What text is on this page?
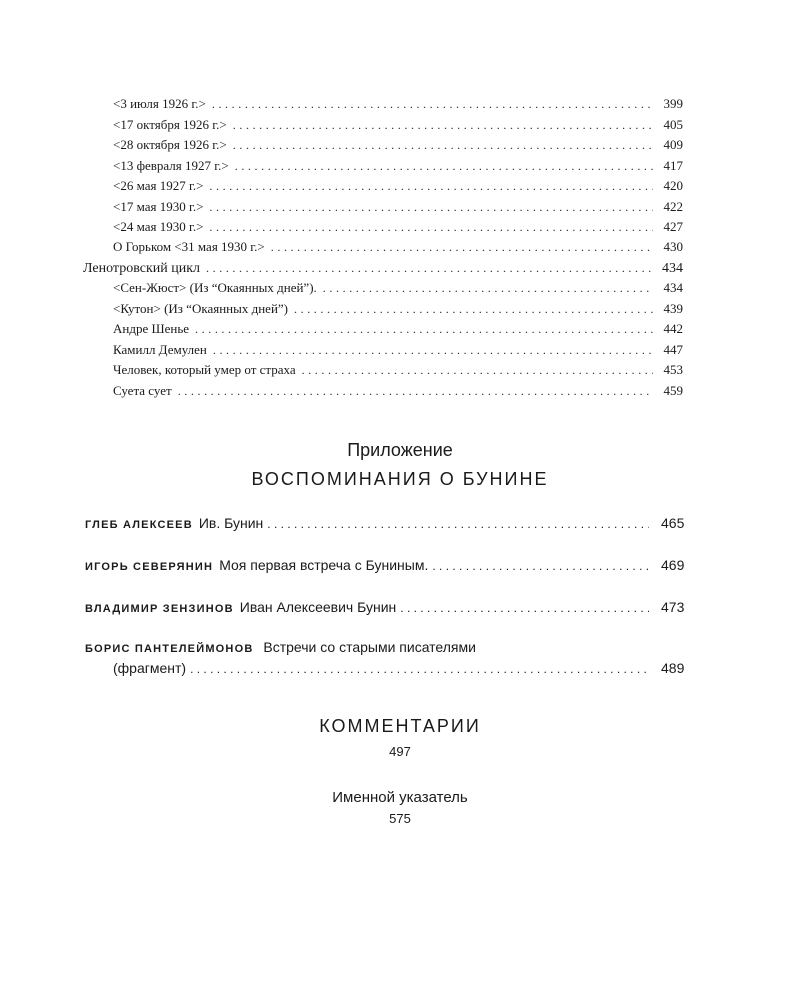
<3 июля 1926 г.> . . .	399
<17 октября 1926 г.> . . .	405
<28 октября 1926 г.> . . .	409
<13 февраля 1927 г.> . . .	417
<26 мая 1927 г.> . . .	420
<17 мая 1930 г.> . . .	422
<24 мая 1930 г.> . . .	427
О Горьком <31 мая 1930 г.> . . .	430
Ленотровский цикл . . .	434
<Сен-Жюст> (Из “Окаянных дней”). . . .	434
<Кутон> (Из “Окаянных дней”) . . .	439
Андре Шенье . . .	442
Камилл Демулен . . .	447
Человек, который умер от страха . . .	453
Суета сует . . .	459
Приложение
ВОСПОМИНАНИЯ О БУНИНЕ
ГЛЕБ АЛЕКСЕЕВ Ив. Бунин . . .	465
ИГОРЬ СЕВЕРЯНИН Моя первая встреча с Буниным. . . .	469
ВЛАДИМИР ЗЕНЗИНОВ Иван Алексеевич Бунин . . .	473
БОРИС ПАНТЕЛЕЙМОНОВ Встречи со старыми писателями
(фрагмент) . . .	489
КОММЕНТАРИИ
497
Именной указатель
575
